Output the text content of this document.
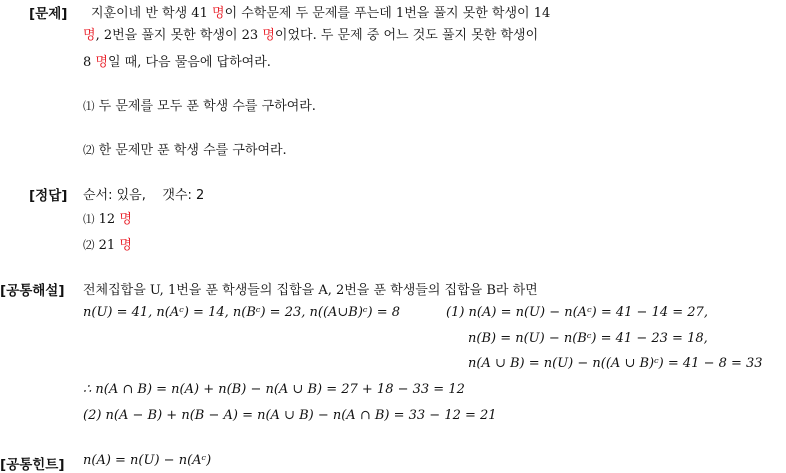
[문제] 지훈이네 반 학생 41 명이 수학문제 두 문제를 푸는데 1번을 풀지 못한 학생이 14
명, 2번을 풀지 못한 학생이 23 명이었다. 두 문제 중 어느 것도 풀지 못한 학생이
8 명일 때, 다음 물음에 답하여라.
⑴ 두 문제를 모두 푼 학생 수를 구하여라.
⑵ 한 문제만 푼 학생 수를 구하여라.
[정답] 순서: 있음, 갯수: 2
⑴ 12 명
⑵ 21 명
[공통해설] 전체집합을 U, 1번을 푼 학생들의 집합을 A, 2번을 푼 학생들의 집합을 B라 하면
n(U) = 41, n(Aᶜ) = 14, n(Bᶜ) = 23, n((A∪B)ᶜ) = 8	(1) n(A) = n(U) − n(Aᶜ) = 41 − 14 = 27,
n(B) = n(U) − n(Bᶜ) = 41 − 23 = 18,
n(A ∪ B) = n(U) − n((A ∪ B)ᶜ) = 41 − 8 = 33
∴ n(A ∩ B) = n(A) + n(B) − n(A ∪ B) = 27 + 18 − 33 = 12
(2) n(A − B) + n(B − A) = n(A ∪ B) − n(A ∩ B) = 33 − 12 = 21
[공통힌트] n(A) = n(U) − n(Aᶜ)
